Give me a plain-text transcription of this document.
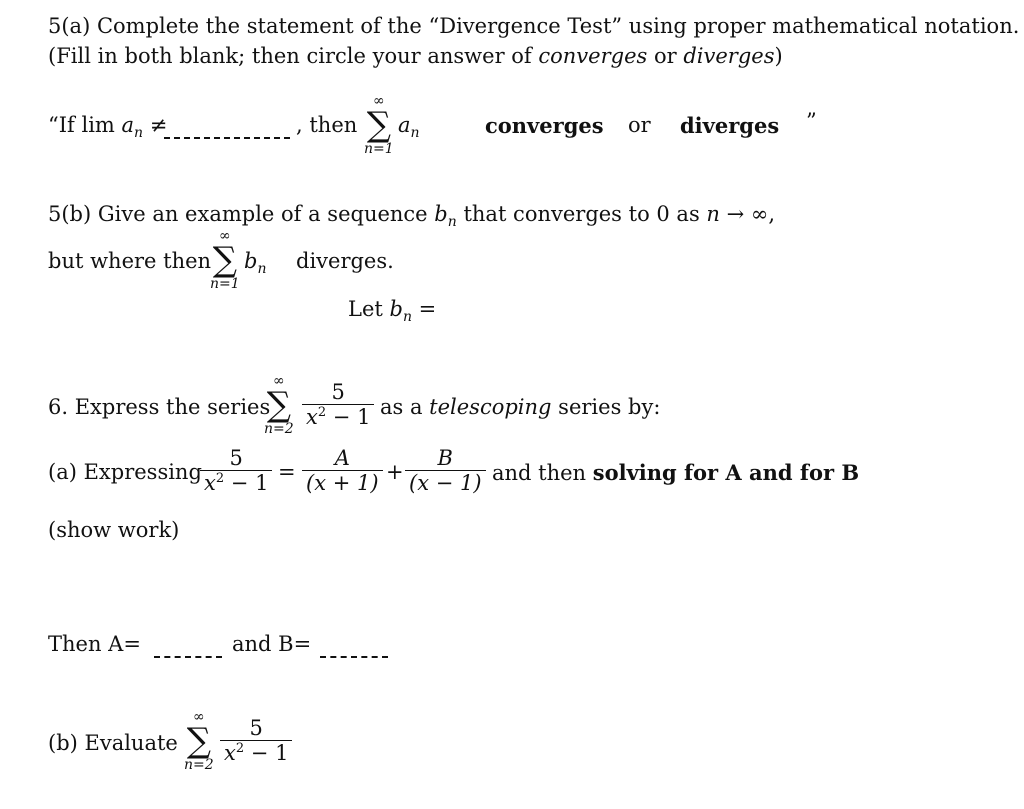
5(a) Complete the statement of the “Divergence Test” using proper mathematical notation.
(Fill in both blank; then circle your answer of converges or diverges)
“If $\lim a_n$ ≠	, then
∞
∑
n=1
$a_n$	converges or diverges ”
5(b) Give an example of a sequence $b_n$ that converges to 0 as n → ∞,
but where then
∞
∑
n=1
$b_n$ diverges.
Let $b_n$ =
6. Express the series
∞
∑
$n=2 \frac{5}{x^2 - 1}$ as a telescoping series by:
(a) Expressing
$\frac{5}{x^2 - 1} = \frac{A}{(x + 1)} + \frac{B}{(x - 1)}$ and then solving for A and for B
(show work)
Then A=	and B=
(b) Evaluate
∞
∑
$n=2 \frac{5}{x^2 - 1}$
